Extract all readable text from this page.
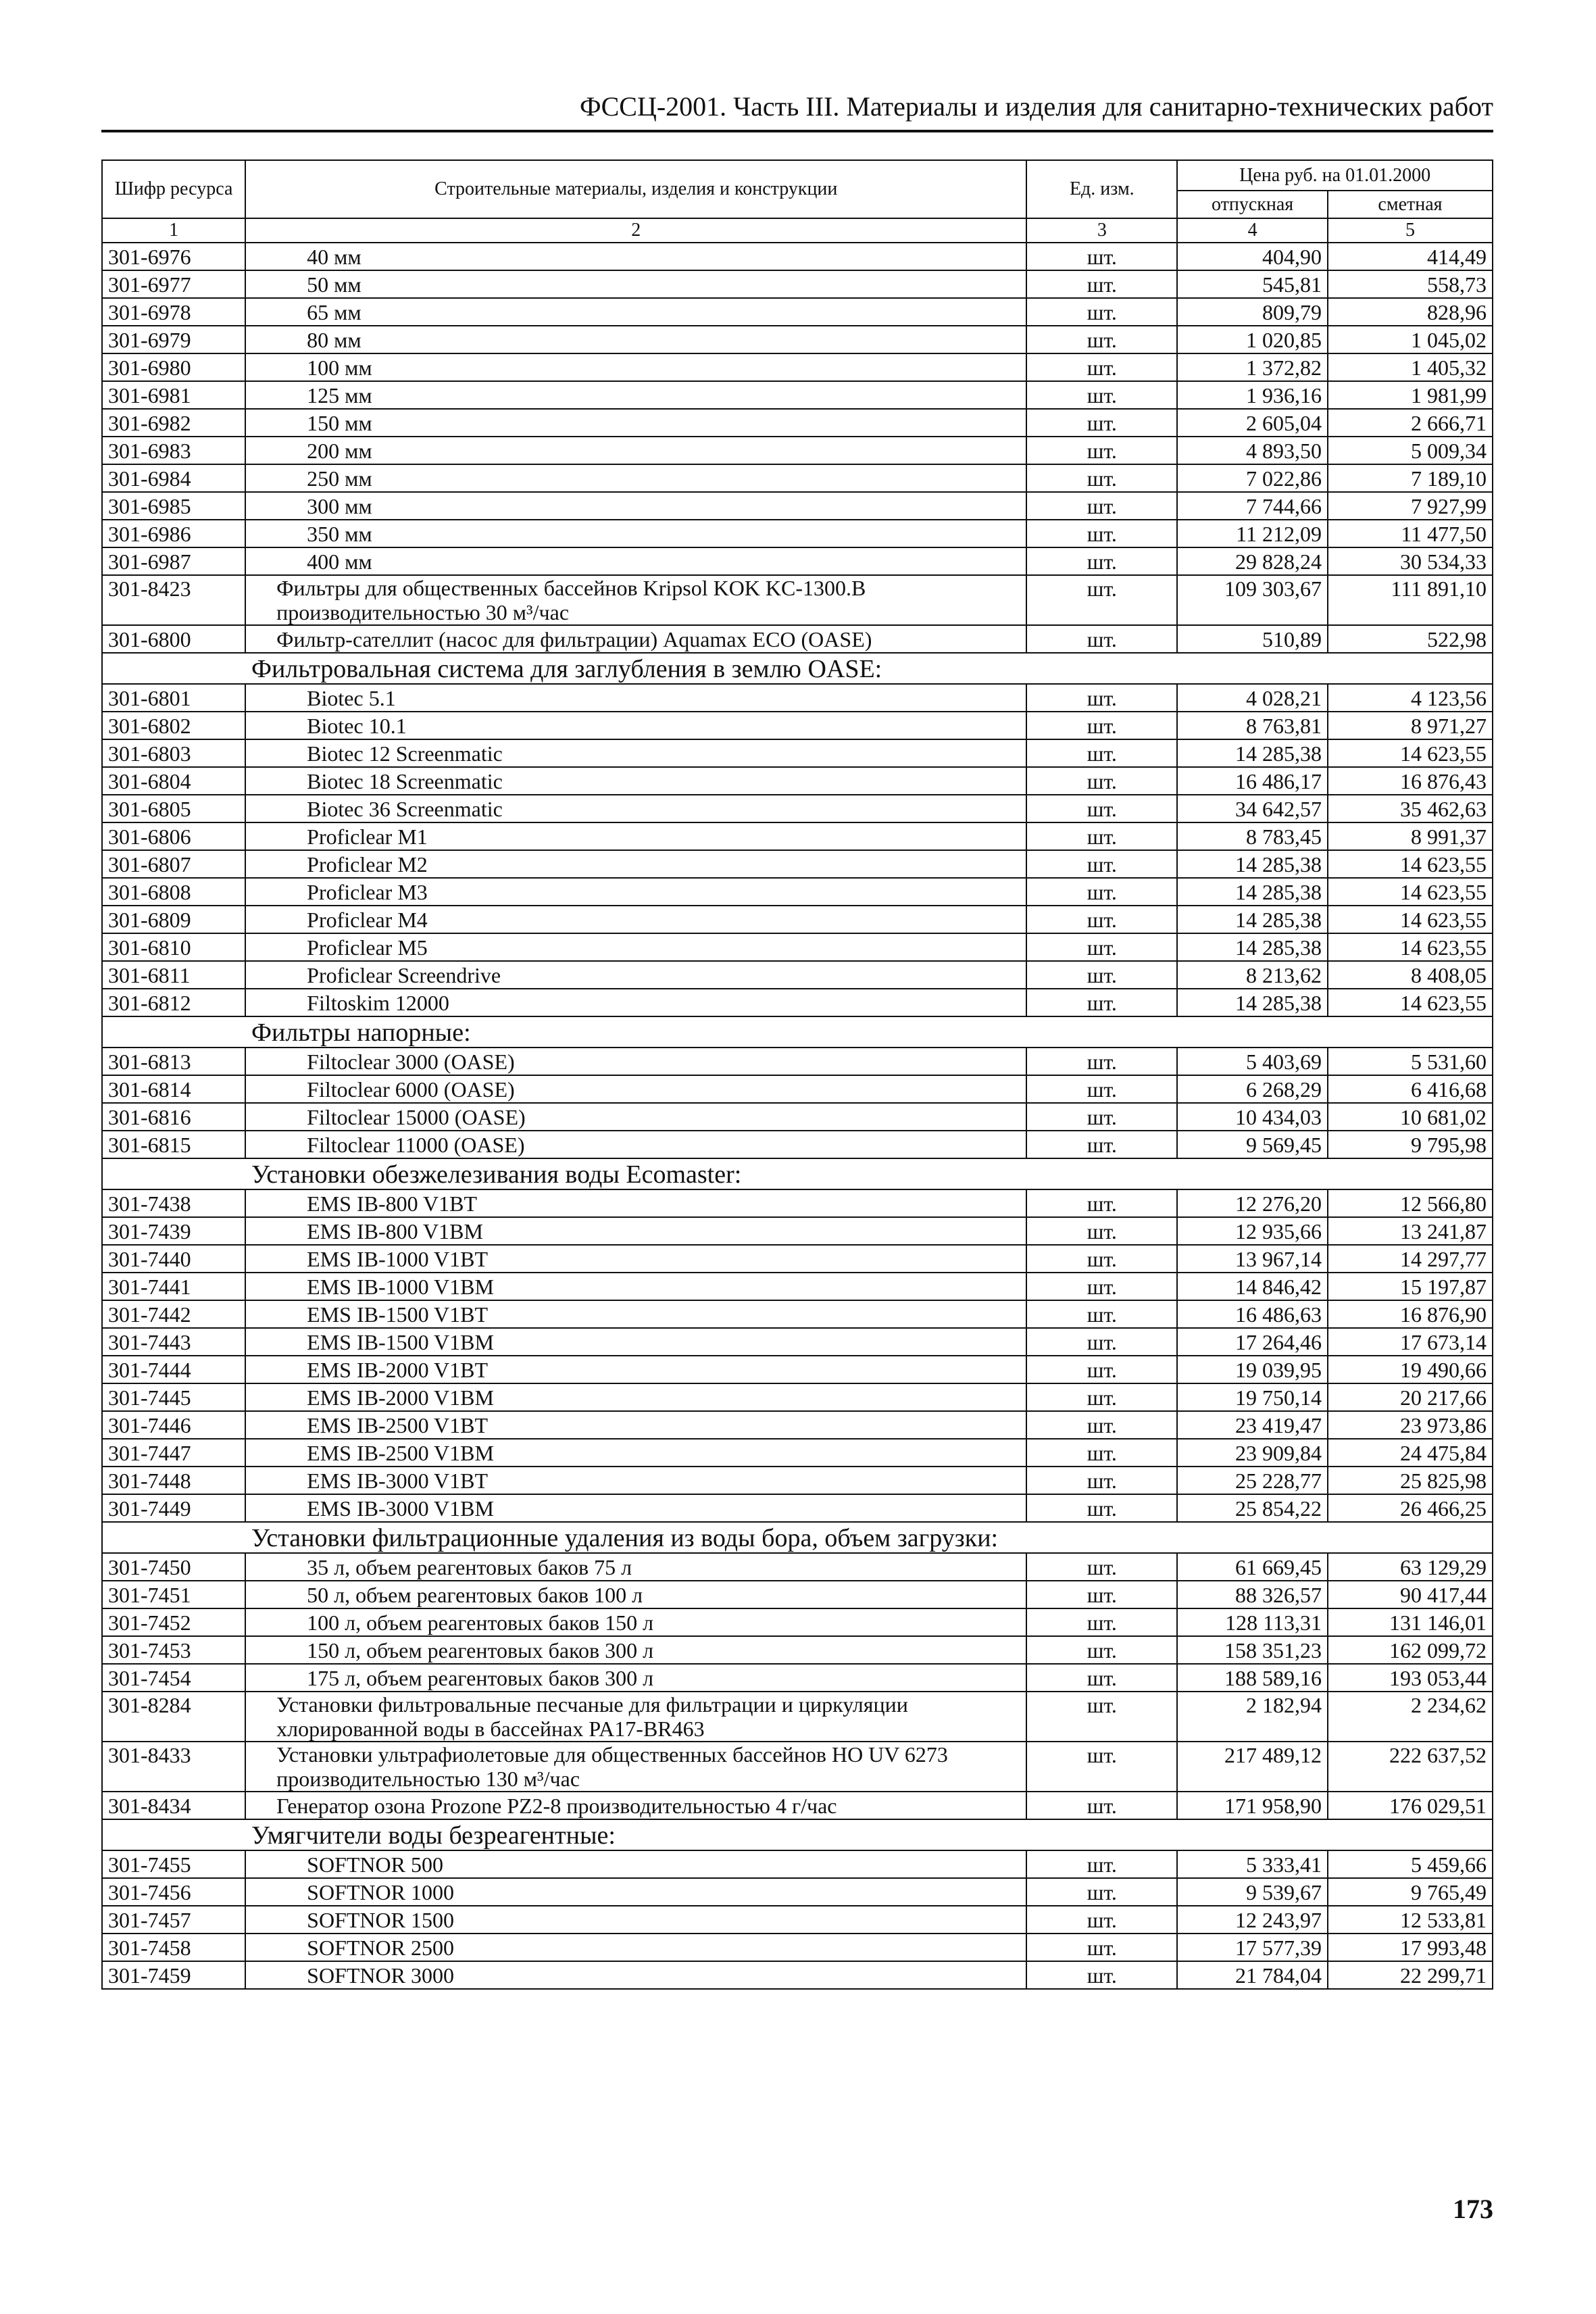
ФССЦ-2001. Часть III. Материалы и изделия для санитарно-технических работ
Шифр ресурса	Строительные материалы, изделия и конструкции	Ед. изм.	Цена руб. на 01.01.2000	
			отпускная	сметная
1	2	3	4	5
301-6976	40 мм	шт.	404,90	414,49
301-6977	50 мм	шт.	545,81	558,73
301-6978	65 мм	шт.	809,79	828,96
301-6979	80 мм	шт.	1 020,85	1 045,02
301-6980	100 мм	шт.	1 372,82	1 405,32
301-6981	125 мм	шт.	1 936,16	1 981,99
301-6982	150 мм	шт.	2 605,04	2 666,71
301-6983	200 мм	шт.	4 893,50	5 009,34
301-6984	250 мм	шт.	7 022,86	7 189,10
301-6985	300 мм	шт.	7 744,66	7 927,99
301-6986	350 мм	шт.	11 212,09	11 477,50
301-6987	400 мм	шт.	29 828,24	30 534,33
301-8423	Фильтры для общественных бассейнов Kripsol KOK KC-1300.B производительностью 30 м³/час	шт.	109 303,67	111 891,10
301-6800	Фильтр-сателлит (насос для фильтрации) Aquamax ECO (OASE)	шт.	510,89	522,98
Фильтровальная система для заглубления в землю OASE:				
301-6801	Biotec 5.1	шт.	4 028,21	4 123,56
301-6802	Biotec 10.1	шт.	8 763,81	8 971,27
301-6803	Biotec 12 Screenmatic	шт.	14 285,38	14 623,55
301-6804	Biotec 18 Screenmatic	шт.	16 486,17	16 876,43
301-6805	Biotec 36 Screenmatic	шт.	34 642,57	35 462,63
301-6806	Proficlear M1	шт.	8 783,45	8 991,37
301-6807	Proficlear M2	шт.	14 285,38	14 623,55
301-6808	Proficlear M3	шт.	14 285,38	14 623,55
301-6809	Proficlear M4	шт.	14 285,38	14 623,55
301-6810	Proficlear M5	шт.	14 285,38	14 623,55
301-6811	Proficlear Screendrive	шт.	8 213,62	8 408,05
301-6812	Filtoskim 12000	шт.	14 285,38	14 623,55
Фильтры напорные:				
301-6813	Filtoclear 3000 (OASE)	шт.	5 403,69	5 531,60
301-6814	Filtoclear 6000 (OASE)	шт.	6 268,29	6 416,68
301-6816	Filtoclear 15000 (OASE)	шт.	10 434,03	10 681,02
301-6815	Filtoclear 11000 (OASE)	шт.	9 569,45	9 795,98
Установки обезжелезивания воды Ecomaster:				
301-7438	EMS IB-800 V1BT	шт.	12 276,20	12 566,80
301-7439	EMS IB-800 V1BM	шт.	12 935,66	13 241,87
301-7440	EMS IB-1000 V1BT	шт.	13 967,14	14 297,77
301-7441	EMS IB-1000 V1BM	шт.	14 846,42	15 197,87
301-7442	EMS IB-1500 V1BT	шт.	16 486,63	16 876,90
301-7443	EMS IB-1500 V1BM	шт.	17 264,46	17 673,14
301-7444	EMS IB-2000 V1BT	шт.	19 039,95	19 490,66
301-7445	EMS IB-2000 V1BM	шт.	19 750,14	20 217,66
301-7446	EMS IB-2500 V1BT	шт.	23 419,47	23 973,86
301-7447	EMS IB-2500 V1BM	шт.	23 909,84	24 475,84
301-7448	EMS IB-3000 V1BT	шт.	25 228,77	25 825,98
301-7449	EMS IB-3000 V1BM	шт.	25 854,22	26 466,25
Установки фильтрационные удаления из воды бора, объем загрузки:				
301-7450	35 л, объем реагентовых баков 75 л	шт.	61 669,45	63 129,29
301-7451	50 л, объем реагентовых баков 100 л	шт.	88 326,57	90 417,44
301-7452	100 л, объем реагентовых баков 150 л	шт.	128 113,31	131 146,01
301-7453	150 л, объем реагентовых баков 300 л	шт.	158 351,23	162 099,72
301-7454	175 л, объем реагентовых баков 300 л	шт.	188 589,16	193 053,44
301-8284	Установки фильтровальные песчаные для фильтрации и циркуляции хлорированной воды в бассейнах PA17-BR463	шт.	2 182,94	2 234,62
301-8433	Установки ультрафиолетовые для общественных бассейнов HO UV 6273 производительностью 130 м³/час	шт.	217 489,12	222 637,52
301-8434	Генератор озона Prozone PZ2-8 производительностью 4 г/час	шт.	171 958,90	176 029,51
Умягчители воды безреагентные:				
301-7455	SOFTNOR 500	шт.	5 333,41	5 459,66
301-7456	SOFTNOR 1000	шт.	9 539,67	9 765,49
301-7457	SOFTNOR 1500	шт.	12 243,97	12 533,81
301-7458	SOFTNOR 2500	шт.	17 577,39	17 993,48
301-7459	SOFTNOR 3000	шт.	21 784,04	22 299,71
173
